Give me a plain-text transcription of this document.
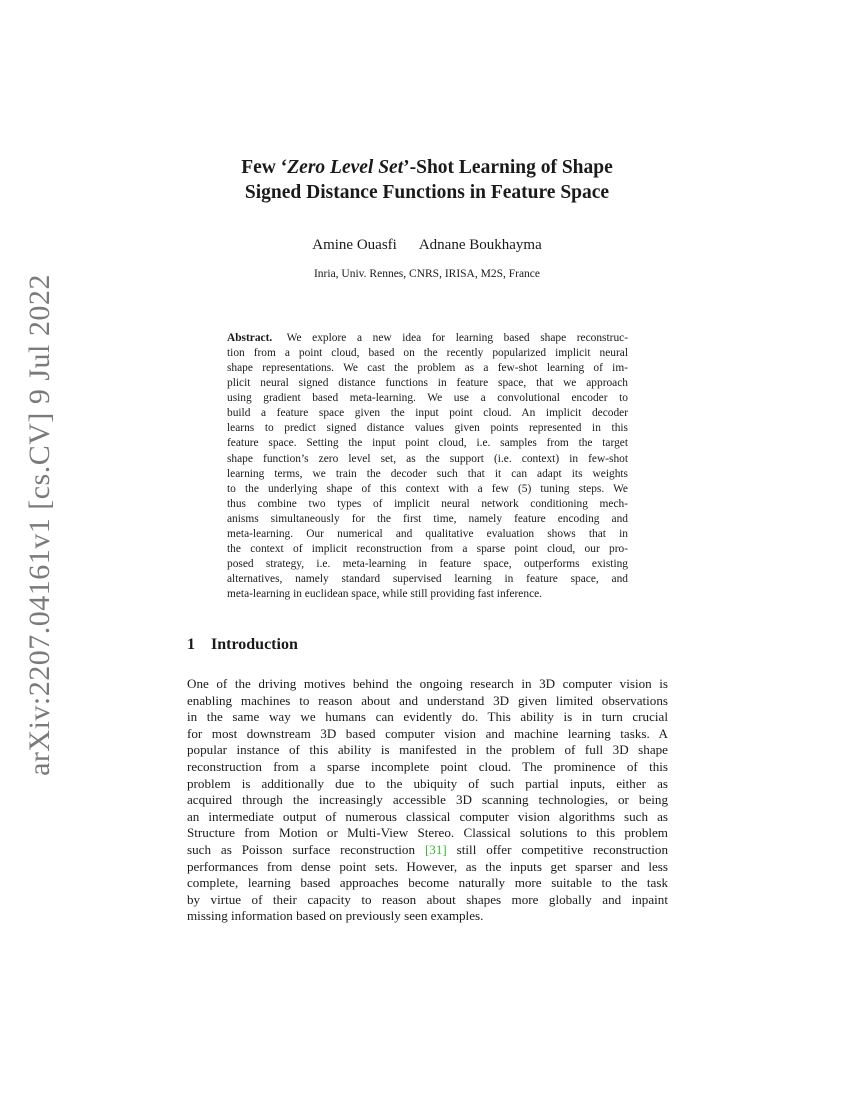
arXiv:2207.04161v1 [cs.CV] 9 Jul 2022
Few ‘Zero Level Set’-Shot Learning of Shape
Signed Distance Functions in Feature Space
Amine Ouasfi Adnane Boukhayma
Inria, Univ. Rennes, CNRS, IRISA, M2S, France
Abstract. We explore a new idea for learning based shape reconstruc-
tion from a point cloud, based on the recently popularized implicit neural
shape representations. We cast the problem as a few-shot learning of im-
plicit neural signed distance functions in feature space, that we approach
using gradient based meta-learning. We use a convolutional encoder to
build a feature space given the input point cloud. An implicit decoder
learns to predict signed distance values given points represented in this
feature space. Setting the input point cloud, i.e. samples from the target
shape function’s zero level set, as the support (i.e. context) in few-shot
learning terms, we train the decoder such that it can adapt its weights
to the underlying shape of this context with a few (5) tuning steps. We
thus combine two types of implicit neural network conditioning mech-
anisms simultaneously for the first time, namely feature encoding and
meta-learning. Our numerical and qualitative evaluation shows that in
the context of implicit reconstruction from a sparse point cloud, our pro-
posed strategy, i.e. meta-learning in feature space, outperforms existing
alternatives, namely standard supervised learning in feature space, and
meta-learning in euclidean space, while still providing fast inference.
1 Introduction
One of the driving motives behind the ongoing research in 3D computer vision is
enabling machines to reason about and understand 3D given limited observations
in the same way we humans can evidently do. This ability is in turn crucial
for most downstream 3D based computer vision and machine learning tasks. A
popular instance of this ability is manifested in the problem of full 3D shape
reconstruction from a sparse incomplete point cloud. The prominence of this
problem is additionally due to the ubiquity of such partial inputs, either as
acquired through the increasingly accessible 3D scanning technologies, or being
an intermediate output of numerous classical computer vision algorithms such as
Structure from Motion or Multi-View Stereo. Classical solutions to this problem
such as Poisson surface reconstruction [31] still offer competitive reconstruction
performances from dense point sets. However, as the inputs get sparser and less
complete, learning based approaches become naturally more suitable to the task
by virtue of their capacity to reason about shapes more globally and inpaint
missing information based on previously seen examples.
